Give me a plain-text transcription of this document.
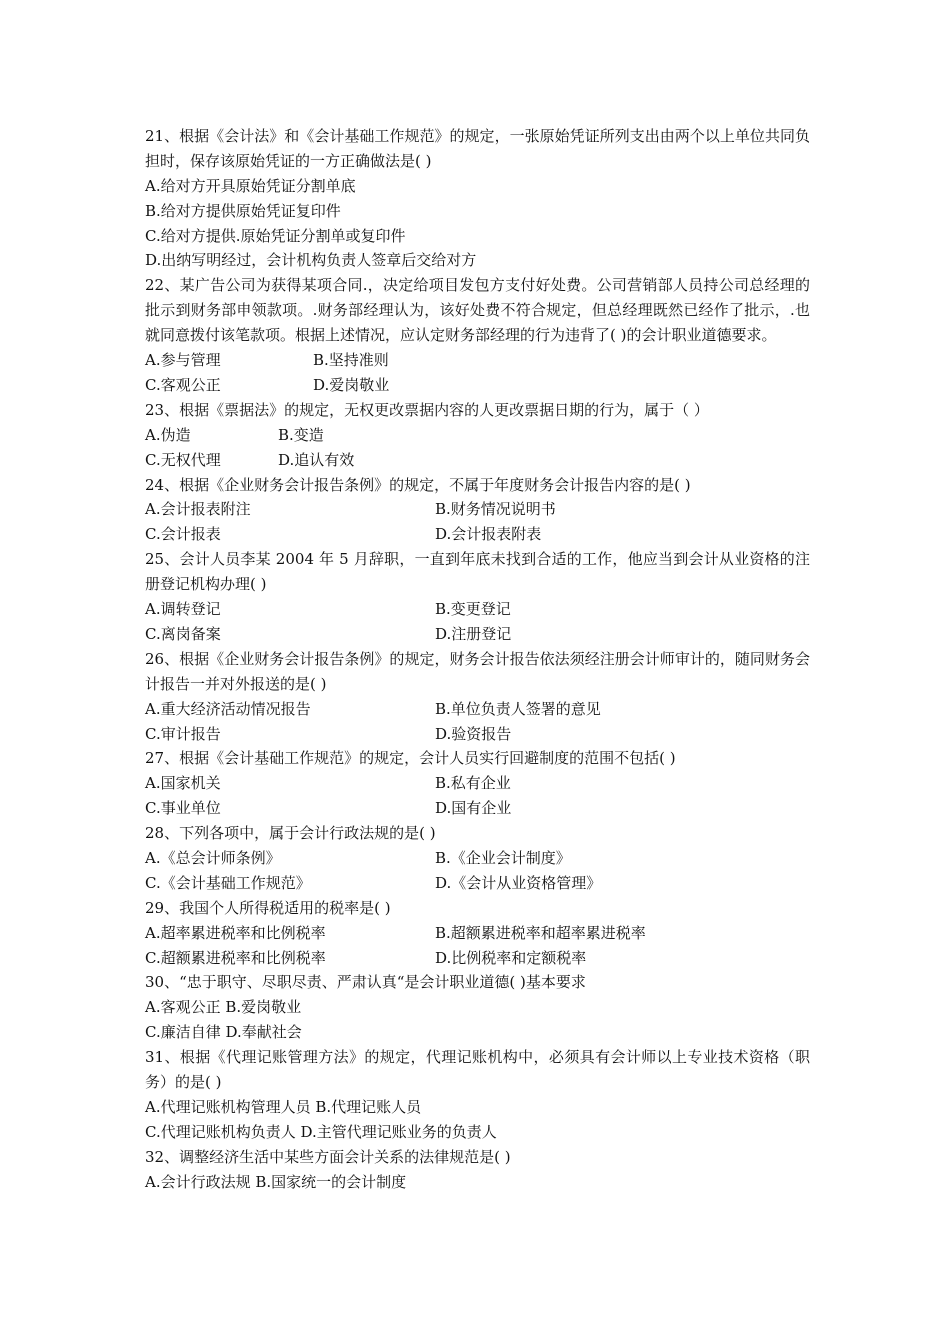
21、根据《会计法》和《会计基础工作规范》的规定，一张原始凭证所列支出由两个以上单位共同负担时，保存该原始凭证的一方正确做法是( )
A.给对方开具原始凭证分割单底
B.给对方提供原始凭证复印件
C.给对方提供.原始凭证分割单或复印件
D.出纳写明经过，会计机构负责人签章后交给对方
22、某广告公司为获得某项合同.，决定给项目发包方支付好处费。公司营销部人员持公司总经理的批示到财务部申领款项。.财务部经理认为，该好处费不符合规定，但总经理既然已经作了批示，.也就同意拨付该笔款项。根据上述情况，应认定财务部经理的行为违背了( )的会计职业道德要求。
A.参与管理	B.坚持准则
C.客观公正	D.爱岗敬业
23、根据《票据法》的规定，无权更改票据内容的人更改票据日期的行为，属于（ ）
A.伪造	B.变造
C.无权代理	D.追认有效
24、根据《企业财务会计报告条例》的规定，不属于年度财务会计报告内容的是( )
A.会计报表附注	B.财务情况说明书
C.会计报表	D.会计报表附表
25、会计人员李某 2004 年 5 月辞职，一直到年底未找到合适的工作，他应当到会计从业资格的注册登记机构办理( )
A.调转登记	B.变更登记
C.离岗备案	D.注册登记
26、根据《企业财务会计报告条例》的规定，财务会计报告依法须经注册会计师审计的，随同财务会计报告一并对外报送的是( )
A.重大经济活动情况报告	B.单位负责人签署的意见
C.审计报告	D.验资报告
27、根据《会计基础工作规范》的规定，会计人员实行回避制度的范围不包括( )
A.国家机关	B.私有企业
C.事业单位	D.国有企业
28、下列各项中，属于会计行政法规的是( )
A.《总会计师条例》	B.《企业会计制度》
C.《会计基础工作规范》	D.《会计从业资格管理》
29、我国个人所得税适用的税率是( )
A.超率累进税率和比例税率	B.超额累进税率和超率累进税率
C.超额累进税率和比例税率	D.比例税率和定额税率
30、“忠于职守、尽职尽责、严肃认真“是会计职业道德( )基本要求
A.客观公正 B.爱岗敬业
C.廉洁自律 D.奉献社会
31、根据《代理记账管理方法》的规定，代理记账机构中，必须具有会计师以上专业技术资格（职务）的是( )
A.代理记账机构管理人员 B.代理记账人员
C.代理记账机构负责人 D.主管代理记账业务的负责人
32、调整经济生活中某些方面会计关系的法律规范是( )
A.会计行政法规 B.国家统一的会计制度
